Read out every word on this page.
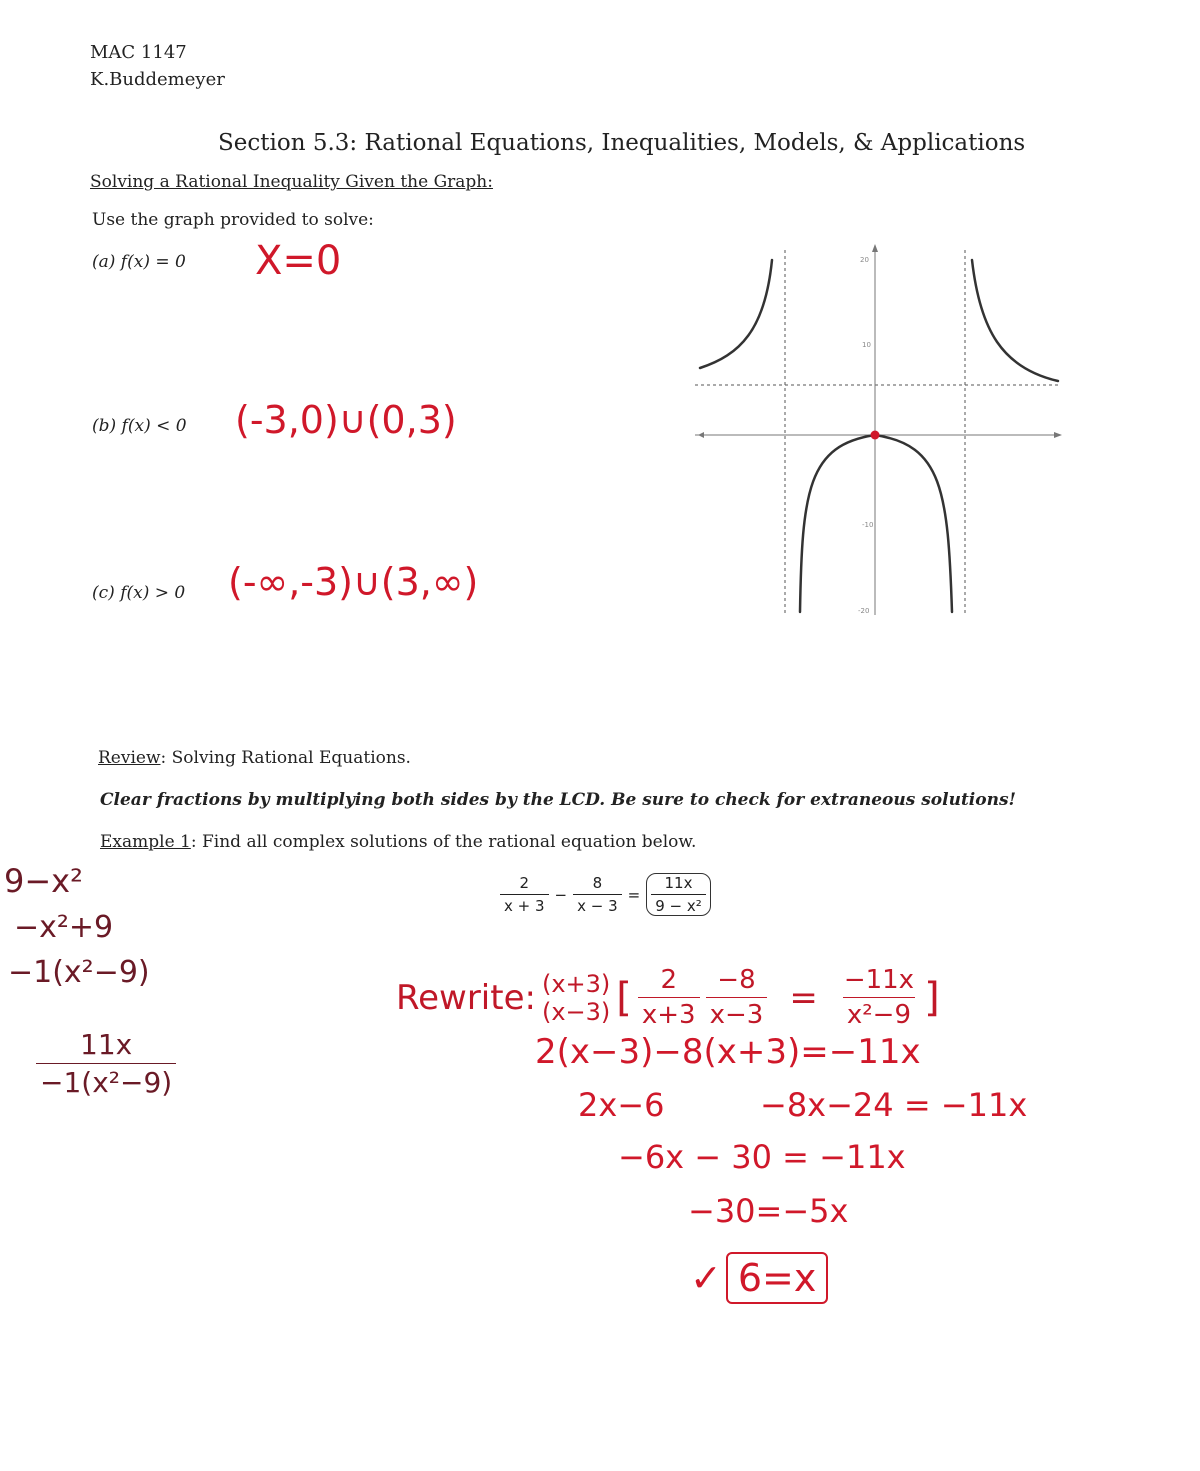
MAC 1147
K.Buddemeyer
Section 5.3: Rational Equations, Inequalities, Models, & Applications
Solving a Rational Inequality Given the Graph:
Use the graph provided to solve:
(a) f(x) = 0 X=0
(b) f(x) < 0 (-3,0)∪(0,3)
(c) f(x) > 0 (-∞,-3)∪(3,∞)
20
10
-10
-20
Review: Solving Rational Equations.
Clear fractions by multiplying both sides by the LCD. Be sure to check for extraneous solutions!
Example 1: Find all complex solutions of the rational equation below.
$\frac{2}{x + 3} - \frac{8}{x - 3} = \frac{11x}{\text{9 − x²}}$
9−x²
−x²+9
−1(x²−9)
$\frac{11x}{\text{−1(x²−9)}}$
Rewrite: (x+3)
(x−3) [ $\frac{2}{x+3} \frac{-8}{x-3} = \frac{-11x}{\text{x²−9}}$ ]
2(x−3)−8(x+3)=−11x
2x−6	−8x−24 = −11x
−6x − 30 = −11x
−30=−5x
✓ 6=x
